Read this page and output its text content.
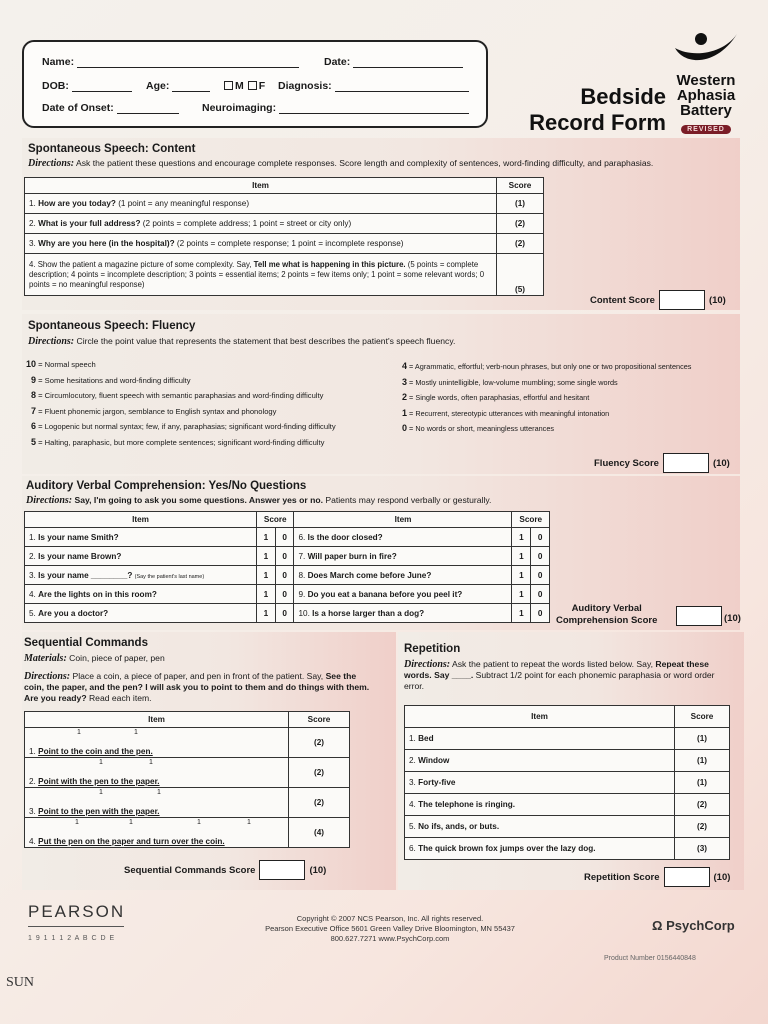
Name:	Date:
DOB:	Age:	M F Diagnosis:
Date of Onset:	Neuroimaging:	Bedside
Record Form
Western
Aphasia
Battery
REVISED
Spontaneous Speech: Content
Directions: Ask the patient these questions and encourage complete responses. Score length and complexity of sentences, word-finding difficulty, and paraphasias.
Item	Score
1. How are you today? (1 point = any meaningful response)	(1)
2. What is your full address? (2 points = complete address; 1 point = street or city only)	(2)
3. Why are you here (in the hospital)? (2 points = complete response; 1 point = incomplete response)	(2)
4. Show the patient a magazine picture of some complexity. Say, Tell me what is happening in this picture. (5 points = complete description; 4 points = incomplete description; 3 points = essential items; 2 points = few items only; 1 point = some relevant words; 0 points = no meaningful response)	(5)
Content Score	(10)
Spontaneous Speech: Fluency
Directions: Circle the point value that represents the statement that best describes the patient's speech fluency.
10 = Normal speech
9 = Some hesitations and word-finding difficulty
8 = Circumlocutory, fluent speech with semantic paraphasias and word-finding difficulty
7 = Fluent phonemic jargon, semblance to English syntax and phonology
6 = Logopenic but normal syntax; few, if any, paraphasias; significant word-finding difficulty
5 = Halting, paraphasic, but more complete sentences; significant word-finding difficulty
4 = Agrammatic, effortful; verb-noun phrases, but only one or two propositional sentences
3 = Mostly unintelligible, low-volume mumbling; some single words
2 = Single words, often paraphasias, effortful and hesitant
1 = Recurrent, stereotypic utterances with meaningful intonation
0 = No words or short, meaningless utterances
Fluency Score	(10)
Auditory Verbal Comprehension: Yes/No Questions
Directions: Say, I'm going to ask you some questions. Answer yes or no. Patients may respond verbally or gesturally.
Item	Score		Item	Score	
1. Is your name Smith?	1	0	6. Is the door closed?	1	0
2. Is your name Brown?	1	0	7. Will paper burn in fire?	1	0
3. Is your name ________? (Say the patient's last name)	1	0	8. Does March come before June?	1	0
4. Are the lights on in this room?	1	0	9. Do you eat a banana before you peel it?	1	0
5. Are you a doctor?	1	0	10. Is a horse larger than a dog?	1	0	Auditory Verbal
Comprehension Score	(10)
Sequential Commands
Materials: Coin, piece of paper, pen
Directions: Place a coin, a piece of paper, and pen in front of the patient. Say, See the coin, the paper, and the pen? I will ask you to point to them and do things with them. Are you ready? Read each item.
Item	Score

1 1
1. Point to the coin and the pen.	(2)

1 1
2. Point with the pen to the paper.	(2)

1 1
3. Point to the pen with the paper.	(2)

1 1 1 1
4. Put the pen on the paper and turn over the coin.	(4)
Sequential Commands Score	(10)
Repetition
Directions: Ask the patient to repeat the words listed below. Say, Repeat these words. Say ____. Subtract 1/2 point for each phonemic paraphasia or word order error.
Item	Score
1. Bed	(1)
2. Window	(1)
3. Forty-five	(1)
4. The telephone is ringing.	(2)
5. No ifs, ands, or buts.	(2)
6. The quick brown fox jumps over the lazy dog.	(3)
Repetition Score	(10)
PEARSON
1 9 1 1 1 2 A B C D E
Copyright © 2007 NCS Pearson, Inc. All rights reserved.
Pearson Executive Office 5601 Green Valley Drive Bloomington, MN 55437
800.627.7271 www.PsychCorp.com
Ω PsychCorp
Product Number 0156440848
SUN
